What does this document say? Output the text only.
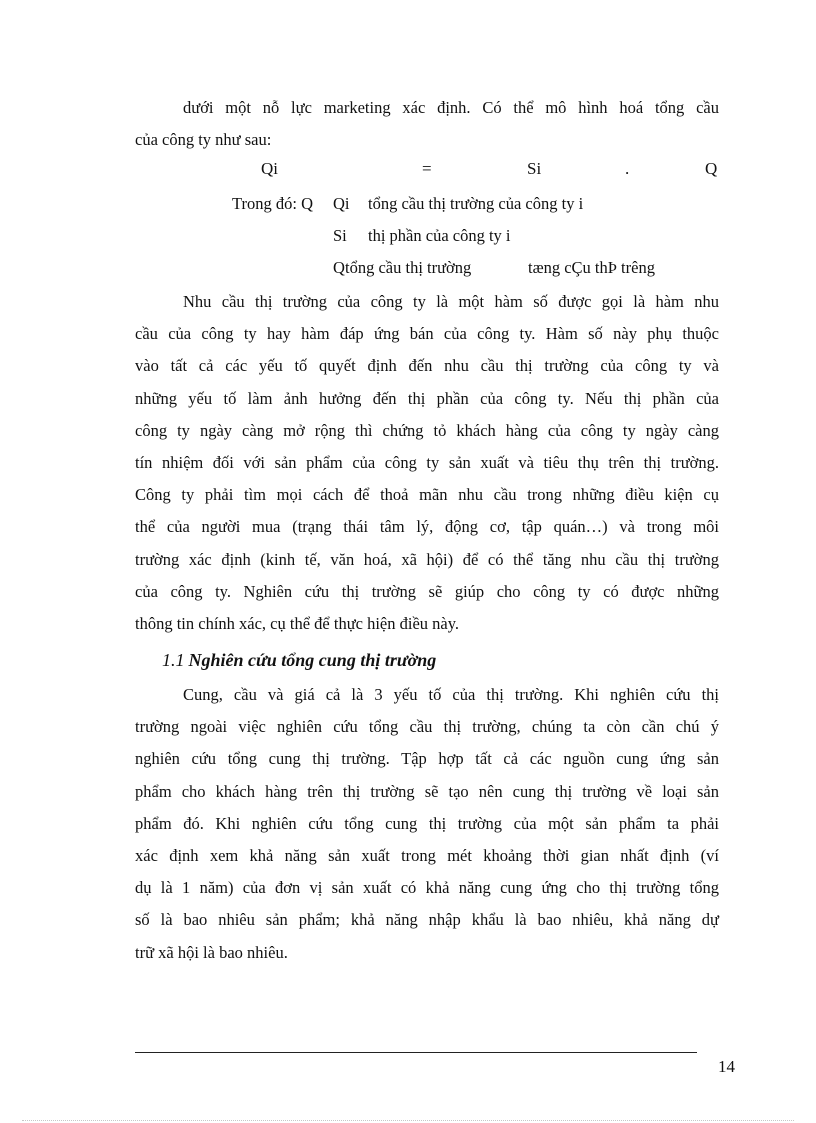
dưới một nỗ lực marketing xác định. Có thể mô hình hoá tổng cầu
của công ty như sau:
Qi	=	Si	.	Q
Trong đó: Q Qi tổng cầu thị trường của công ty i
Si thị phần của công ty i
Q tổng cầu thị trường	tæng cÇu thÞ trêng
Nhu cầu thị trường của công ty là một hàm số được gọi là hàm nhu
cầu của công ty hay hàm đáp ứng bán của công ty. Hàm số này phụ thuộc
vào tất cả các yếu tố quyết định đến nhu cầu thị trường của công ty và
những yếu tố làm ảnh hưởng đến thị phần của công ty. Nếu thị phần của
công ty ngày càng mở rộng thì chứng tỏ khách hàng của công ty ngày càng
tín nhiệm đối với sản phẩm của công ty sản xuất và tiêu thụ trên thị trường.
Công ty phải tìm mọi cách để thoả mãn nhu cầu trong những điều kiện cụ
thể của người mua (trạng thái tâm lý, động cơ, tập quán…) và trong môi
trường xác định (kinh tế, văn hoá, xã hội) để có thể tăng nhu cầu thị trường
của công ty. Nghiên cứu thị trường sẽ giúp cho công ty có được những
thông tin chính xác, cụ thể để thực hiện điều này.
1.1 Nghiên cứu tổng cung thị trường
Cung, cầu và giá cả là 3 yếu tố của thị trường. Khi nghiên cứu thị
trường ngoài việc nghiên cứu tổng cầu thị trường, chúng ta còn cần chú ý
nghiên cứu tổng cung thị trường. Tập hợp tất cả các nguồn cung ứng sản
phẩm cho khách hàng trên thị trường sẽ tạo nên cung thị trường về loại sản
phẩm đó. Khi nghiên cứu tổng cung thị trường của một sản phẩm ta phải
xác định xem khả năng sản xuất trong mét khoảng thời gian nhất định (ví
dụ là 1 năm) của đơn vị sản xuất có khả năng cung ứng cho thị trường tổng
số là bao nhiêu sản phẩm; khả năng nhập khẩu là bao nhiêu, khả năng dự
trữ xã hội là bao nhiêu.
14
